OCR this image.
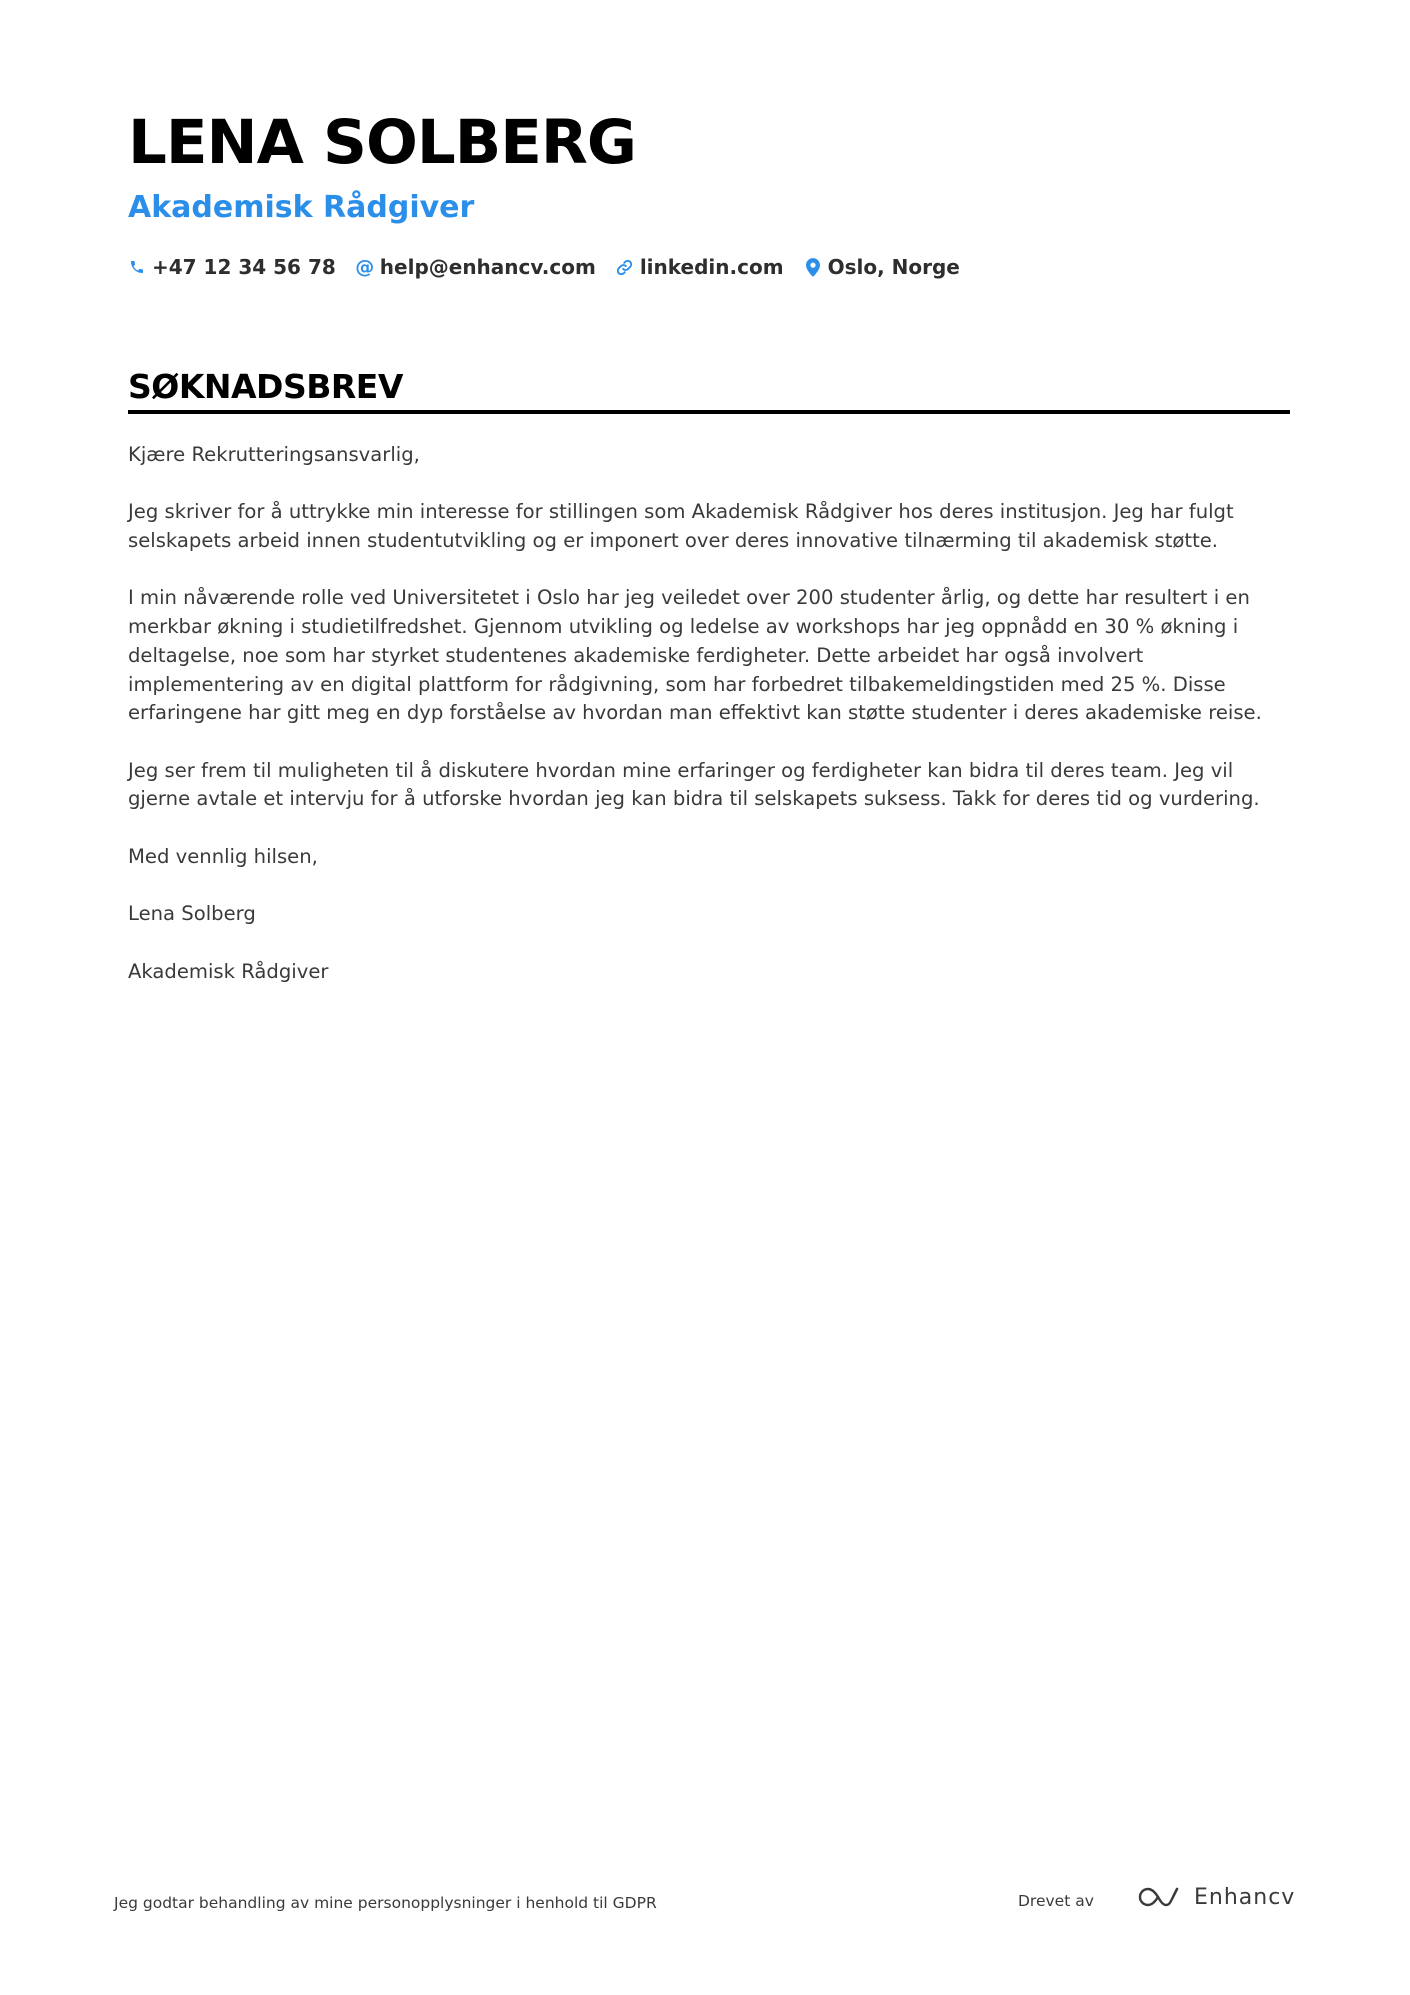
LENA SOLBERG
Akademisk Rådgiver
+47 12 34 56 78 @ help@enhancv.com linkedin.com Oslo, Norge
SØKNADSBREV

Kjære Rekrutteringsansvarlig,

Jeg skriver for å uttrykke min interesse for stillingen som Akademisk Rådgiver hos deres institusjon. Jeg har fulgt selskapets arbeid innen studentutvikling og er imponert over deres innovative tilnærming til akademisk støtte.

I min nåværende rolle ved Universitetet i Oslo har jeg veiledet over 200 studenter årlig, og dette har resultert i en merkbar økning i studietilfredshet. Gjennom utvikling og ledelse av workshops har jeg oppnådd en 30 % økning i deltagelse, noe som har styrket studentenes akademiske ferdigheter. Dette arbeidet har også involvert implementering av en digital plattform for rådgivning, som har forbedret tilbakemeldingstiden med 25 %. Disse erfaringene har gitt meg en dyp forståelse av hvordan man effektivt kan støtte studenter i deres akademiske reise.

Jeg ser frem til muligheten til å diskutere hvordan mine erfaringer og ferdigheter kan bidra til deres team. Jeg vil gjerne avtale et intervju for å utforske hvordan jeg kan bidra til selskapets suksess. Takk for deres tid og vurdering.

Med vennlig hilsen,

Lena Solberg

Akademisk Rådgiver

Jeg godtar behandling av mine personopplysninger i henhold til GDPR	Drevet av	Enhancv
